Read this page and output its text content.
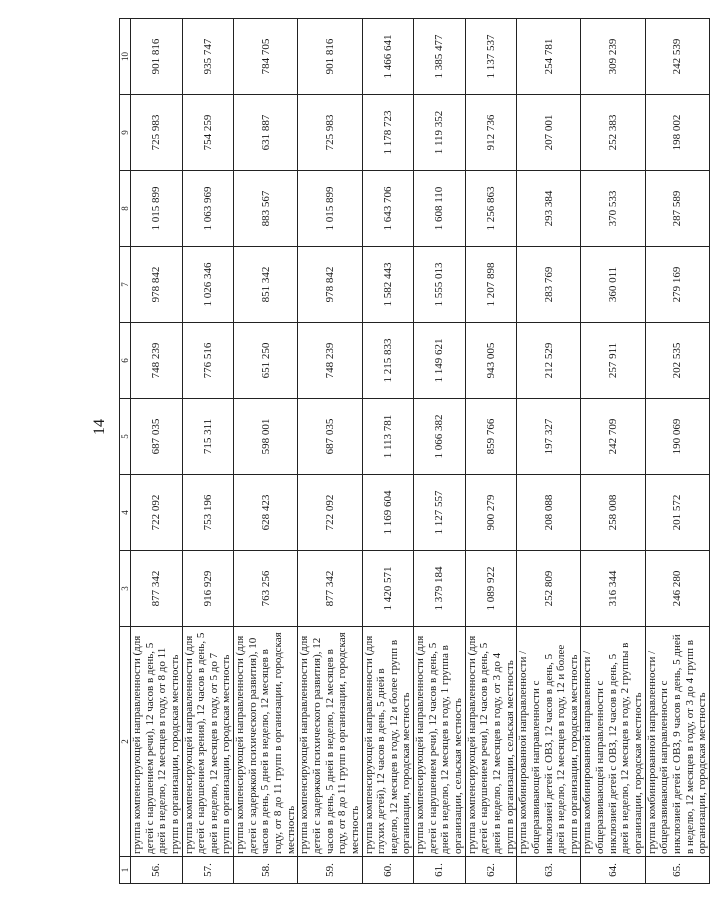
14
1	2	3	4	5	6	7	8	9	10
56.	группа компенсирующей направленности (для детей с нарушением речи), 12 часов в день, 5 дней в неделю, 12 месяцев в году, от 8 до 11 групп в организации, городская местность	877 342	722 092	687 035	748 239	978 842	1 015 899	725 983	901 816
57.	группа компенсирующей направленности (для детей с нарушением зрения), 12 часов в день, 5 дней в неделю, 12 месяцев в году, от 5 до 7 групп в организации, городская местность	916 929	753 196	715 311	776 516	1 026 346	1 063 969	754 259	935 747
58.	группа компенсирующей направленности (для детей с задержкой психического развития), 10 часов в день, 5 дней в неделю, 12 месяцев в году, от 8 до 11 групп в организации, городская местность	763 256	628 423	598 001	651 250	851 342	883 567	631 887	784 705
59.	группа компенсирующей направленности (для детей с задержкой психического развития), 12 часов в день, 5 дней в неделю, 12 месяцев в году, от 8 до 11 групп в организации, городская местность	877 342	722 092	687 035	748 239	978 842	1 015 899	725 983	901 816
60.	группа компенсирующей направленности (для глухих детей), 12 часов в день, 5 дней в неделю, 12 месяцев в году, 12 и более групп в организации, городская местность	1 420 571	1 169 604	1 113 781	1 215 833	1 582 443	1 643 706	1 178 723	1 466 641
61.	группа компенсирующей направленности (для детей с нарушением речи), 12 часов в день, 5 дней в неделю, 12 месяцев в году, 1 группа в организации, сельская местность	1 379 184	1 127 557	1 066 382	1 149 621	1 555 013	1 608 110	1 119 352	1 385 477
62.	группа компенсирующей направленности (для детей с нарушением речи), 12 часов в день, 5 дней в неделю, 12 месяцев в году, от 3 до 4 групп в организации, сельская местность	1 089 922	900 279	859 766	943 005	1 207 898	1 256 863	912 736	1 137 537
63.	группа комбинированной направленности / общеразвивающей направленности с инклюзией детей с ОВЗ, 12 часов в день, 5 дней в неделю, 12 месяцев в году, 12 и более групп в организации, городская местность	252 809	208 088	197 327	212 529	283 769	293 384	207 001	254 781
64.	группа комбинированной направленности / общеразвивающей направленности с инклюзией детей с ОВЗ, 12 часов в день, 5 дней в неделю, 12 месяцев в году, 2 группы в организации, городская местность	316 344	258 008	242 709	257 911	360 011	370 533	252 383	309 239
65.	группа комбинированной направленности / общеразвивающей направленности с инклюзией детей с ОВЗ, 9 часов в день, 5 дней в неделю, 12 месяцев в году, от 3 до 4 групп в организации, городская местность	246 280	201 572	190 069	202 535	279 169	287 589	198 002	242 539
